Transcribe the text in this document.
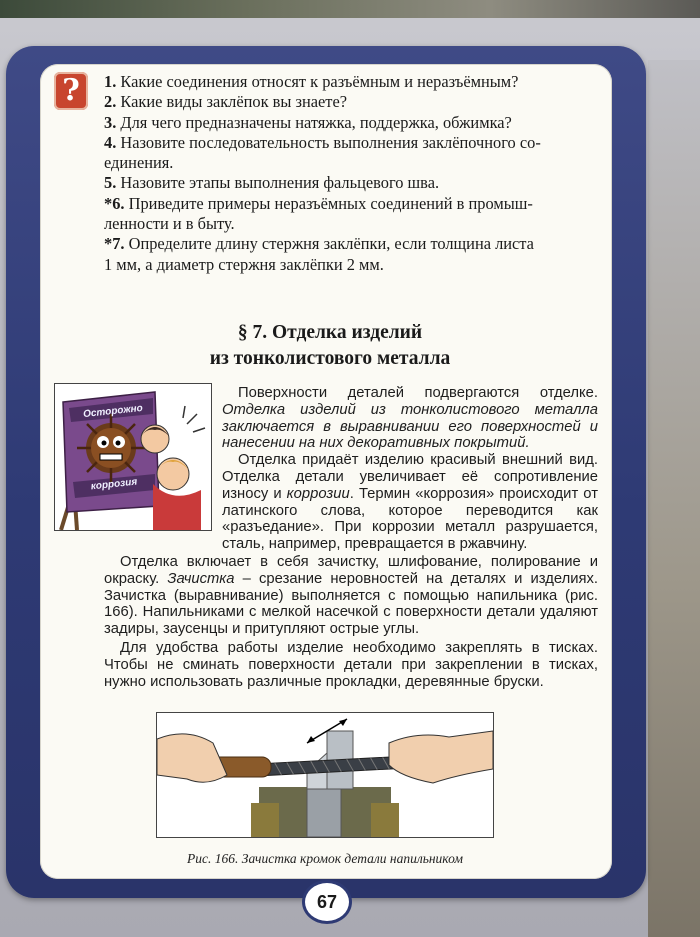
?	1. Какие соединения относят к разъёмным и неразъёмным?

2. Какие виды заклёпок вы знаете?

3. Для чего предназначены натяжка, поддержка, обжимка?

4. Назовите последовательность выполнения заклёпочного со-

единения.

5. Назовите этапы выполнения фальцевого шва.

*6. Приведите примеры неразъёмных соединений в промыш-

ленности и в быту.

*7. Определите длину стержня заклёпки, если толщина листа

1 мм, а диаметр стержня заклёпки 2 мм.

§ 7. Отделка изделий
из тонколистового металла
Осторожно
коррозия
Поверхности деталей подвергаются отделке. Отделка изделий из тонколистового металла заключается в выравнивании его поверхностей и нанесении на них декоративных покрытий.
Отделка придаёт изделию красивый внешний вид. Отделка детали увеличивает её сопротивление износу и коррозии. Термин «коррозия» происходит от латинского слова, которое переводится как «разъедание». При коррозии металл разрушается, сталь, например, превращается в ржавчину.

Отделка включает в себя зачистку, шлифование, полирование и окраску. Зачистка – срезание неровностей на деталях и изделиях. Зачистка (выравнивание) выполняется с помощью напильника (рис. 166). Напильниками с мелкой насечкой с поверхности детали удаляют задиры, заусенцы и притупляют острые углы.

Для удобства работы изделие необходимо закреплять в тисках. Чтобы не сминать поверхности детали при закреплении в тисках, нужно использовать различные прокладки, деревянные бруски.

Рис. 166. Зачистка кромок детали напильником
67
